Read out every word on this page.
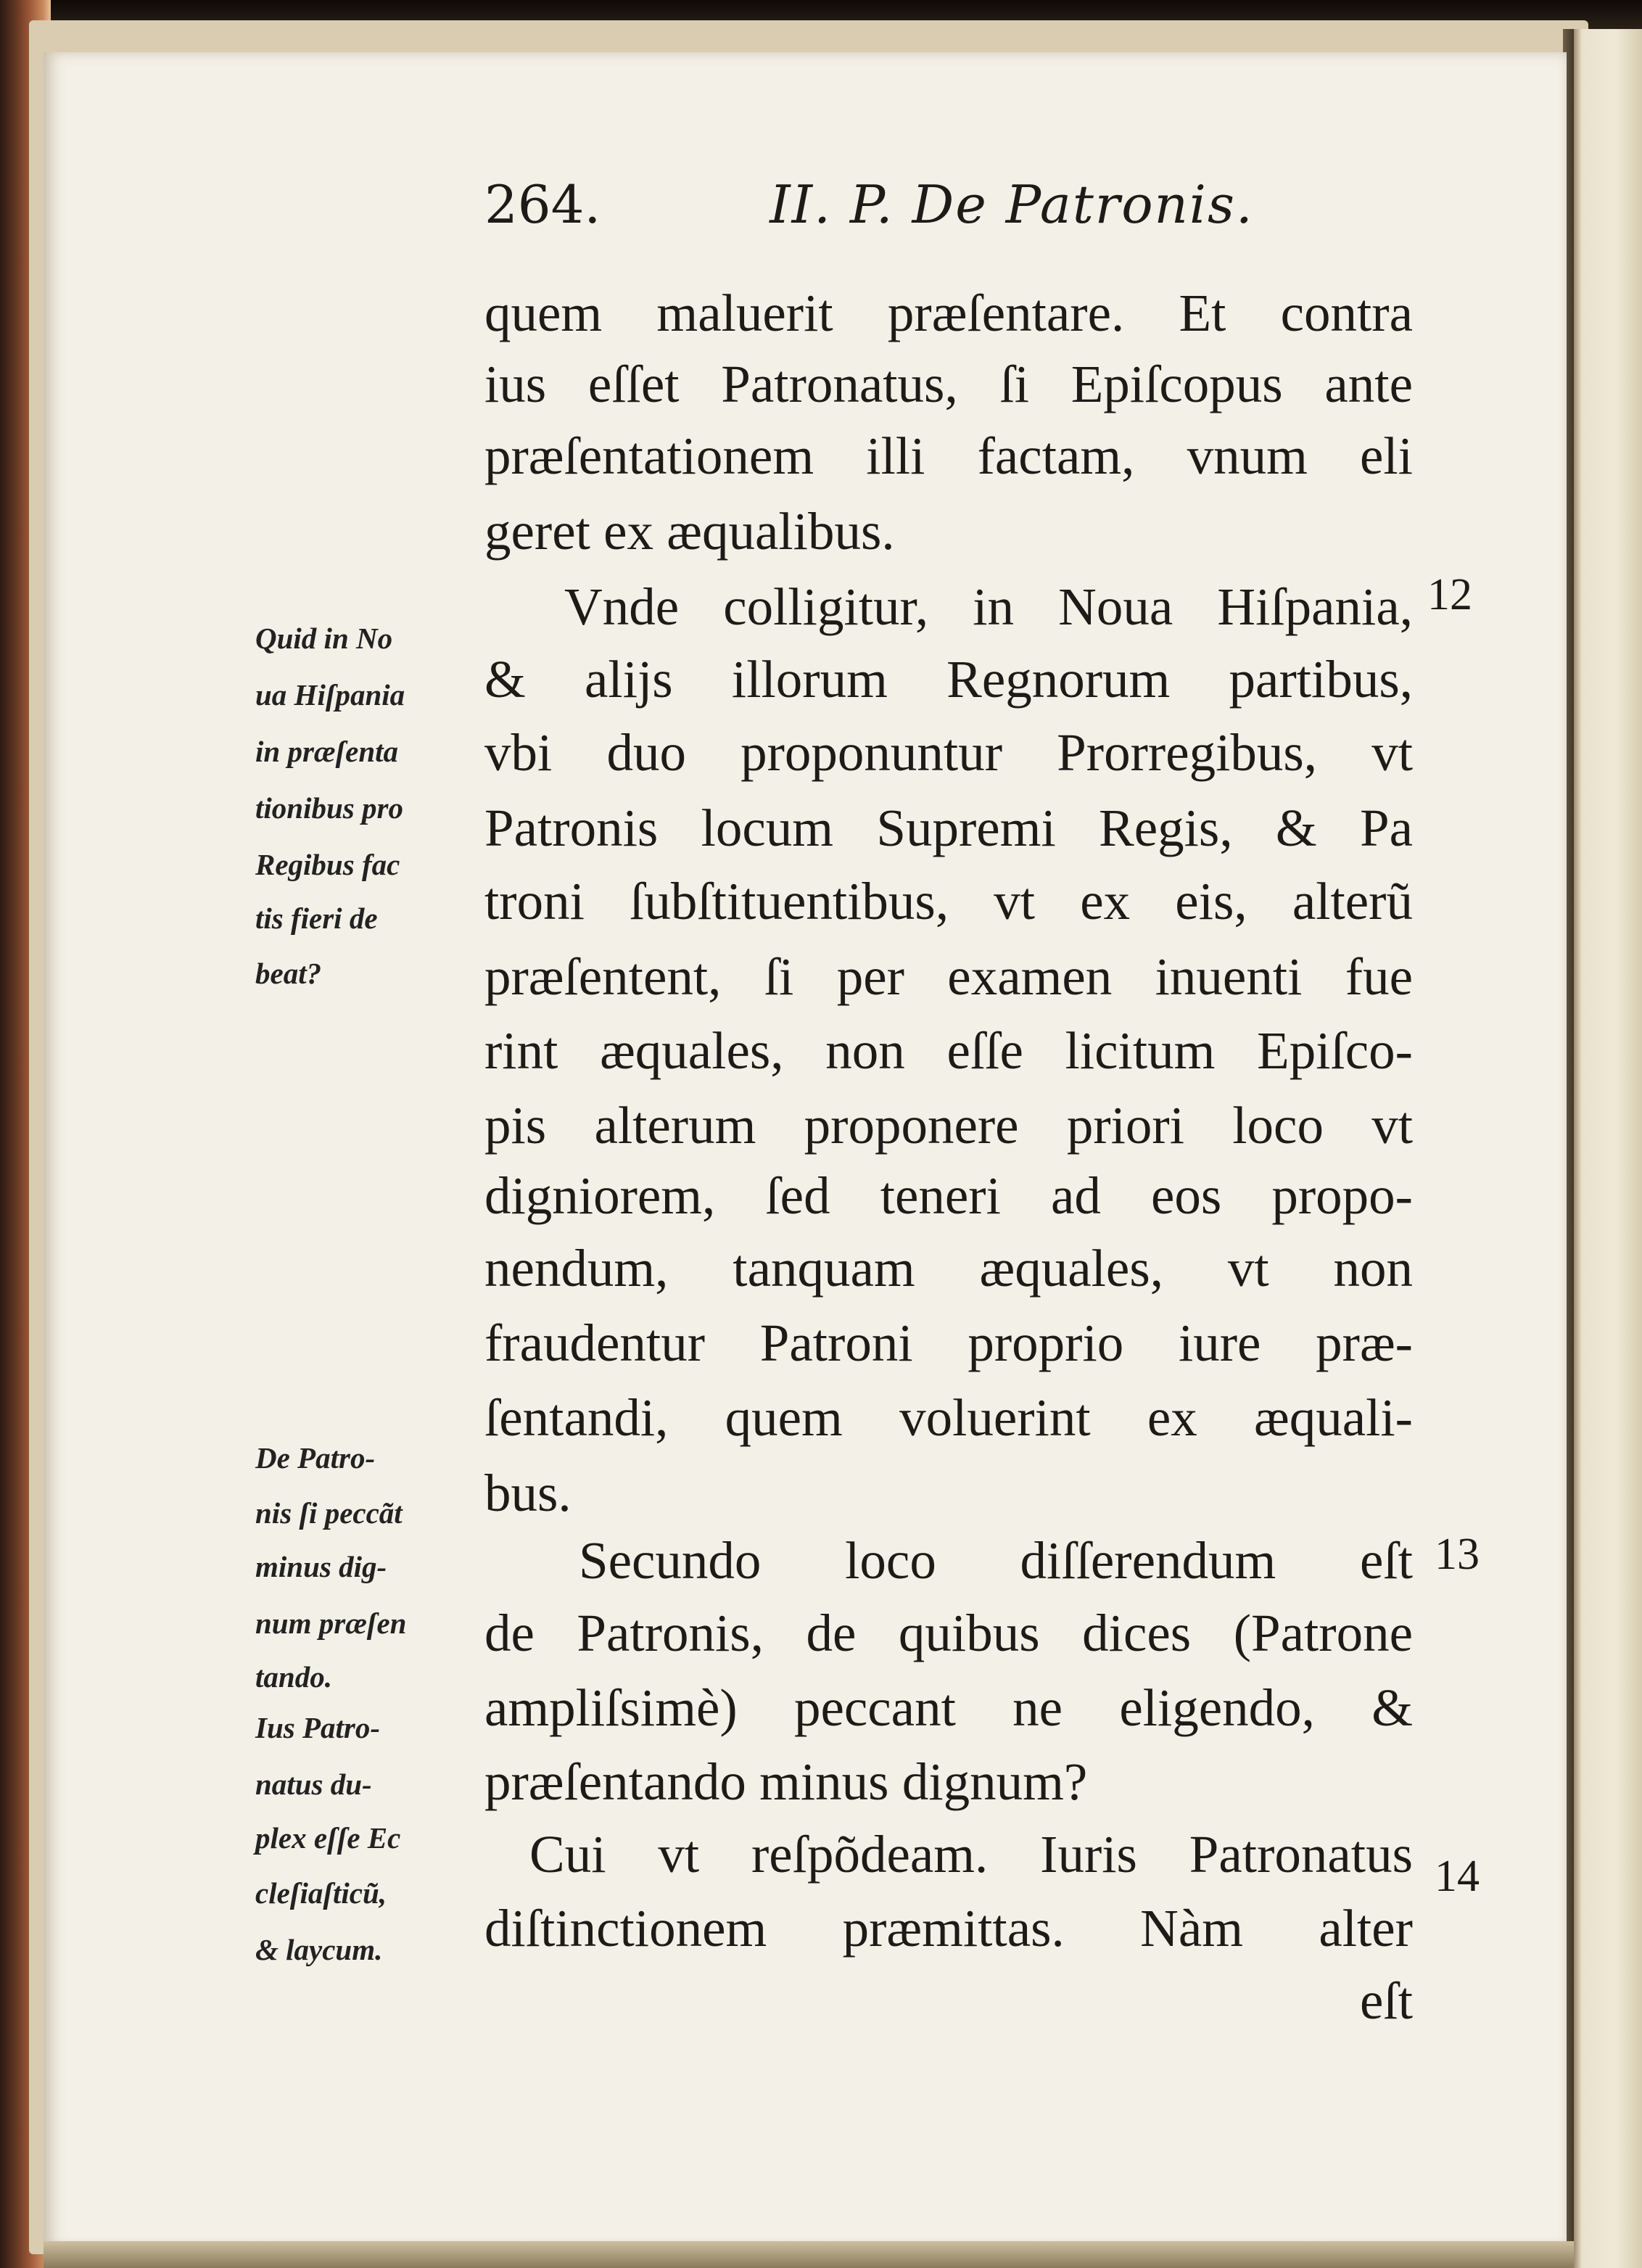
264.	II. P. De Patronis.
quem maluerit præſentare. Et contra
ius eſſet Patronatus, ſi Epiſcopus ante
præſentationem illi factam, vnum eli
geret ex æqualibus.
Vnde colligitur, in Noua Hiſpania,
& alijs illorum Regnorum partibus,
vbi duo proponuntur Prorregibus, vt
Patronis locum Supremi Regis, & Pa
troni ſubſtituentibus, vt ex eis, alterũ
præſentent, ſi per examen inuenti fue
rint æquales, non eſſe licitum Epiſco-
pis alterum proponere priori loco vt
digniorem, ſed teneri ad eos propo-
nendum, tanquam æquales, vt non
fraudentur Patroni proprio iure præ-
ſentandi, quem voluerint ex æquali-
bus.
Secundo loco diſſerendum eſt
de Patronis, de quibus dices (Patrone
ampliſsimè) peccant ne eligendo, &
præſentando minus dignum?
Cui vt reſpõdeam. Iuris Patronatus
diſtinctionem præmittas. Nàm alter
eſt
Quid in No
ua Hiſpania
in præſenta
tionibus pro
Regibus fac
tis fieri de
beat?
De Patro-
nis ſi peccãt
minus dig-
num præſen
tando.
Ius Patro-
natus du-
plex eſſe Ec
cleſiaſticũ,
& laycum.
12
13
14
